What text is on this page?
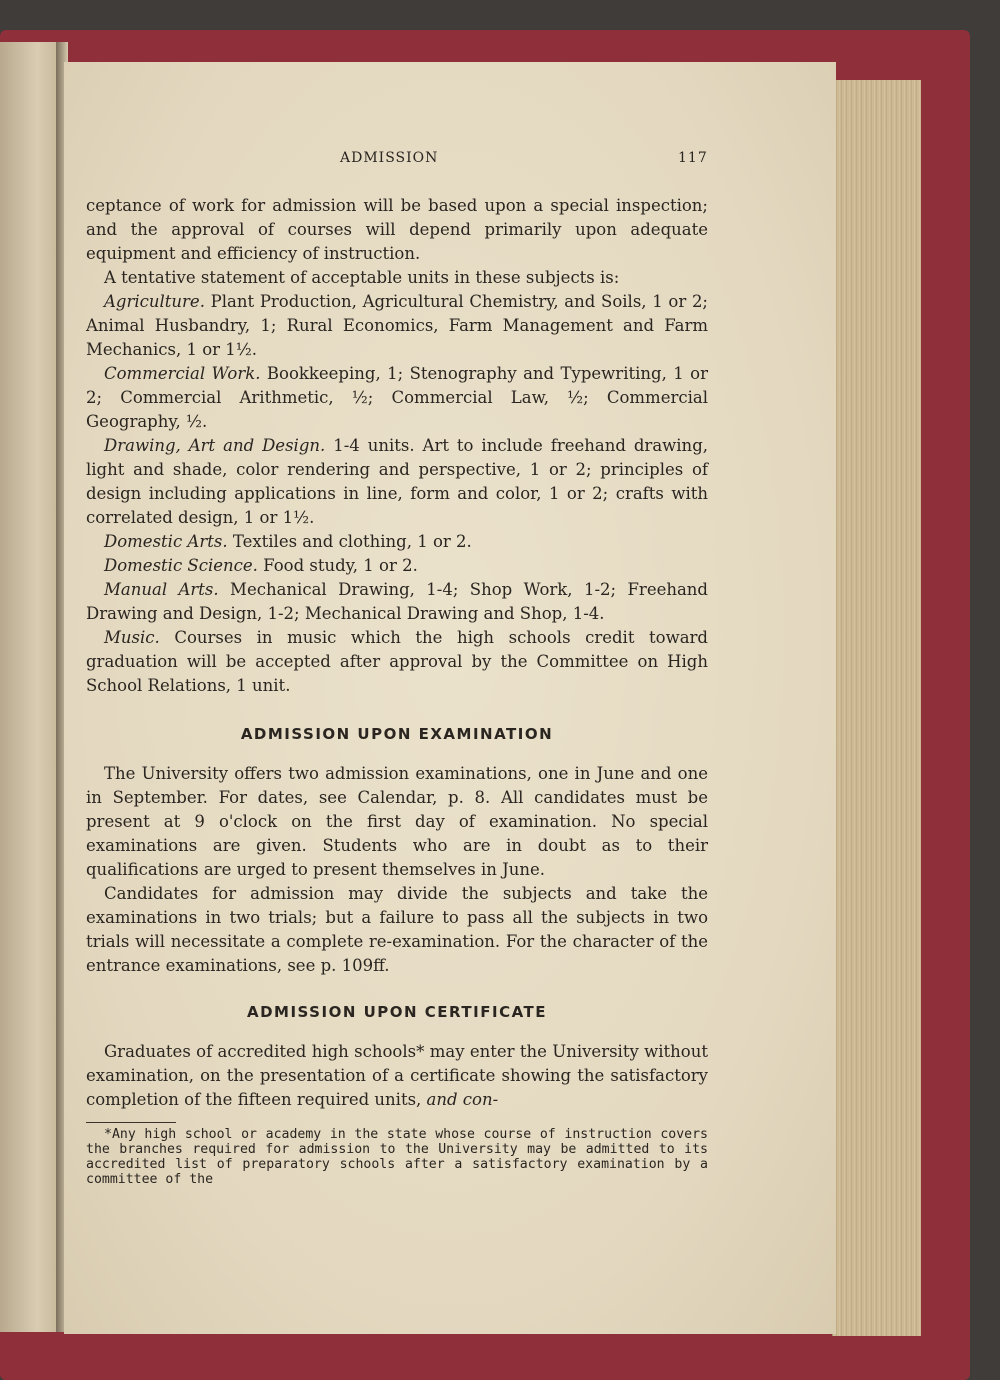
ADMISSION	117

ceptance of work for admission will be based upon a special inspection; and the approval of courses will depend primarily upon adequate equipment and efficiency of instruction.

A tentative statement of acceptable units in these subjects is:

Agriculture. Plant Production, Agricultural Chemistry, and Soils, 1 or 2; Animal Husbandry, 1; Rural Economics, Farm Management and Farm Mechanics, 1 or 1½.

Commercial Work. Bookkeeping, 1; Stenography and Typewriting, 1 or 2; Commercial Arithmetic, ½; Commercial Law, ½; Commercial Geography, ½.

Drawing, Art and Design. 1-4 units. Art to include freehand drawing, light and shade, color rendering and perspective, 1 or 2; principles of design including applications in line, form and color, 1 or 2; crafts with correlated design, 1 or 1½.

Domestic Arts. Textiles and clothing, 1 or 2.

Domestic Science. Food study, 1 or 2.

Manual Arts. Mechanical Drawing, 1-4; Shop Work, 1-2; Freehand Drawing and Design, 1-2; Mechanical Drawing and Shop, 1-4.

Music. Courses in music which the high schools credit toward graduation will be accepted after approval by the Committee on High School Relations, 1 unit.

ADMISSION UPON EXAMINATION

The University offers two admission examinations, one in June and one in September. For dates, see Calendar, p. 8. All candidates must be present at 9 o'clock on the first day of examination. No special examinations are given. Students who are in doubt as to their qualifications are urged to present themselves in June.

Candidates for admission may divide the subjects and take the examinations in two trials; but a failure to pass all the subjects in two trials will necessitate a complete re-examination. For the character of the entrance examinations, see p. 109ff.

ADMISSION UPON CERTIFICATE

Graduates of accredited high schools* may enter the University without examination, on the presentation of a certificate showing the satisfactory completion of the fifteen required units, and con-

*Any high school or academy in the state whose course of instruction covers the branches required for admission to the University may be admitted to its accredited list of preparatory schools after a satisfactory examination by a committee of the
